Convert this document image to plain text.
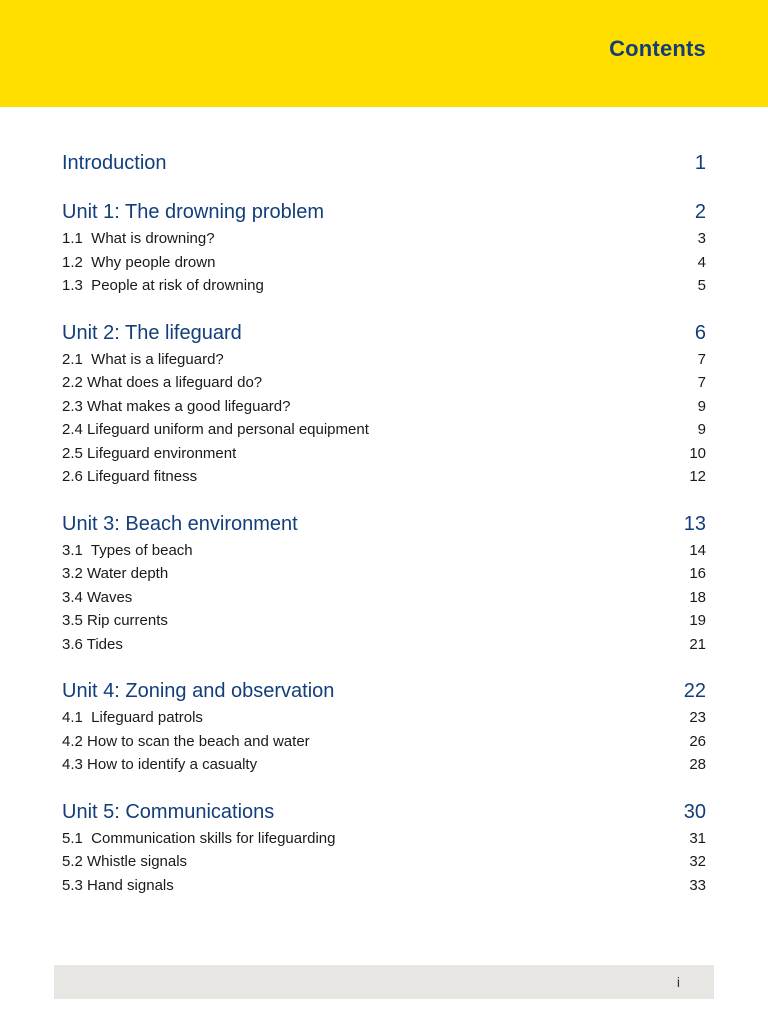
Contents
Introduction	1
Unit 1: The drowning problem	2
1.1  What is drowning?	3
1.2  Why people drown	4
1.3  People at risk of drowning	5
Unit 2: The lifeguard	6
2.1  What is a lifeguard?	7
2.2 What does a lifeguard do?	7
2.3 What makes a good lifeguard?	9
2.4 Lifeguard uniform and personal equipment	9
2.5 Lifeguard environment	10
2.6 Lifeguard fitness	12
Unit 3: Beach environment	13
3.1  Types of beach	14
3.2 Water depth	16
3.4 Waves	18
3.5 Rip currents	19
3.6 Tides	21
Unit 4: Zoning and observation	22
4.1  Lifeguard patrols	23
4.2 How to scan the beach and water	26
4.3 How to identify a casualty	28
Unit 5: Communications	30
5.1  Communication skills for lifeguarding	31
5.2 Whistle signals	32
5.3 Hand signals	33
i
